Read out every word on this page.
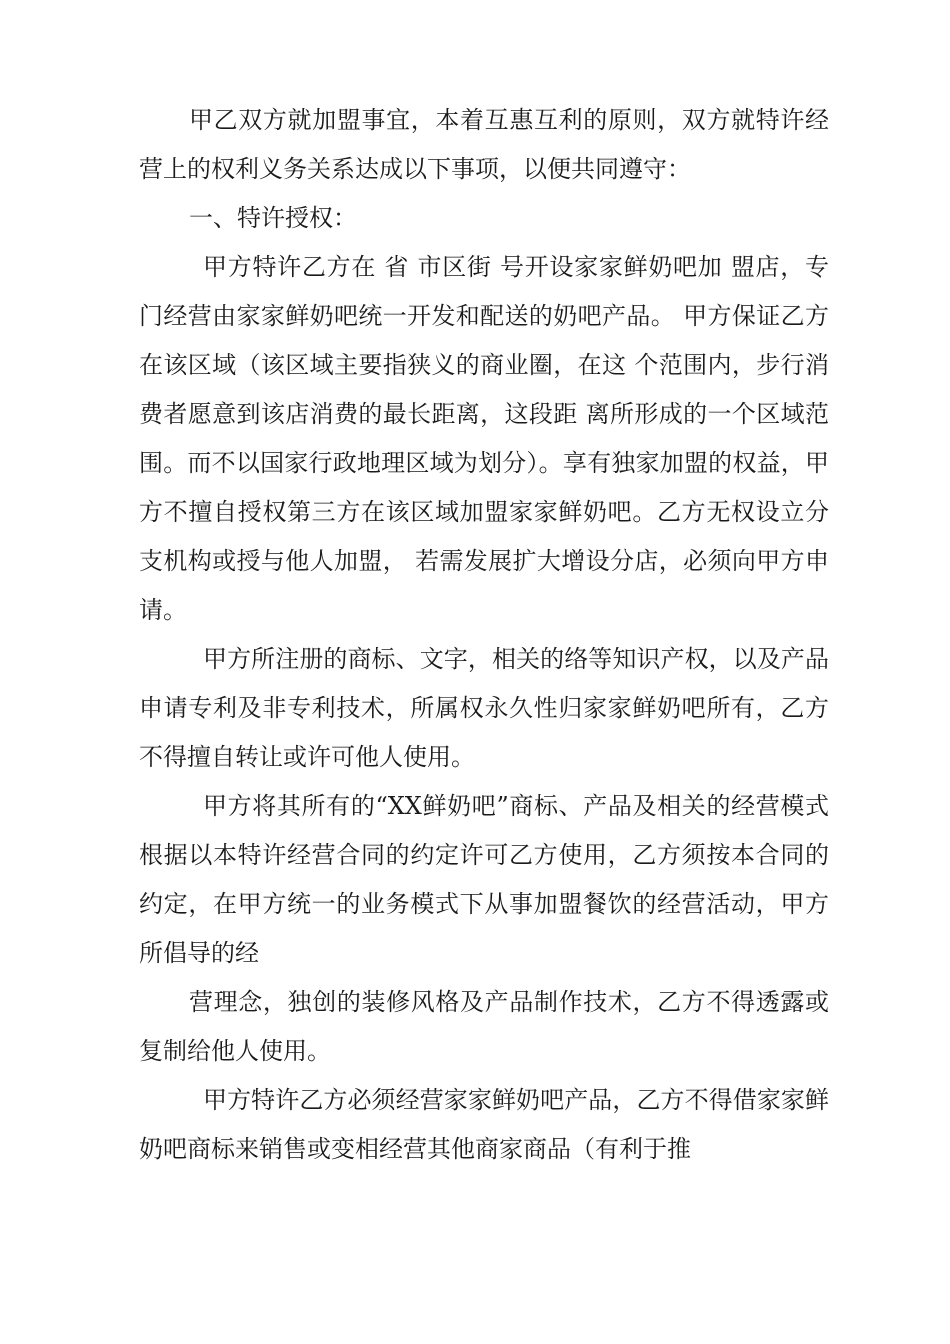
甲乙双方就加盟事宜，本着互惠互利的原则，双方就特许经营上的权利义务关系达成以下事项，以便共同遵守：

一、特许授权：

甲方特许乙方在 省 市区街 号开设家家鲜奶吧加 盟店，专门经营由家家鲜奶吧统一开发和配送的奶吧产品。 甲方保证乙方在该区域（该区域主要指狭义的商业圈，在这 个范围内，步行消费者愿意到该店消费的最长距离，这段距 离所形成的一个区域范围。而不以国家行政地理区域为划分）。享有独家加盟的权益，甲方不擅自授权第三方在该区域加盟家家鲜奶吧。乙方无权设立分支机构或授与他人加盟， 若需发展扩大增设分店，必须向甲方申请。

甲方所注册的商标、文字，相关的络等知识产权，以及产品申请专利及非专利技术，所属权永久性归家家鲜奶吧所有，乙方不得擅自转让或许可他人使用。

甲方将其所有的“XX鲜奶吧”商标、产品及相关的经营模式根据以本特许经营合同的约定许可乙方使用，乙方须按本合同的约定，在甲方统一的业务模式下从事加盟餐饮的经营活动，甲方所倡导的经

营理念，独创的装修风格及产品制作技术，乙方不得透露或复制给他人使用。

甲方特许乙方必须经营家家鲜奶吧产品，乙方不得借家家鲜奶吧商标来销售或变相经营其他商家商品（有利于推
